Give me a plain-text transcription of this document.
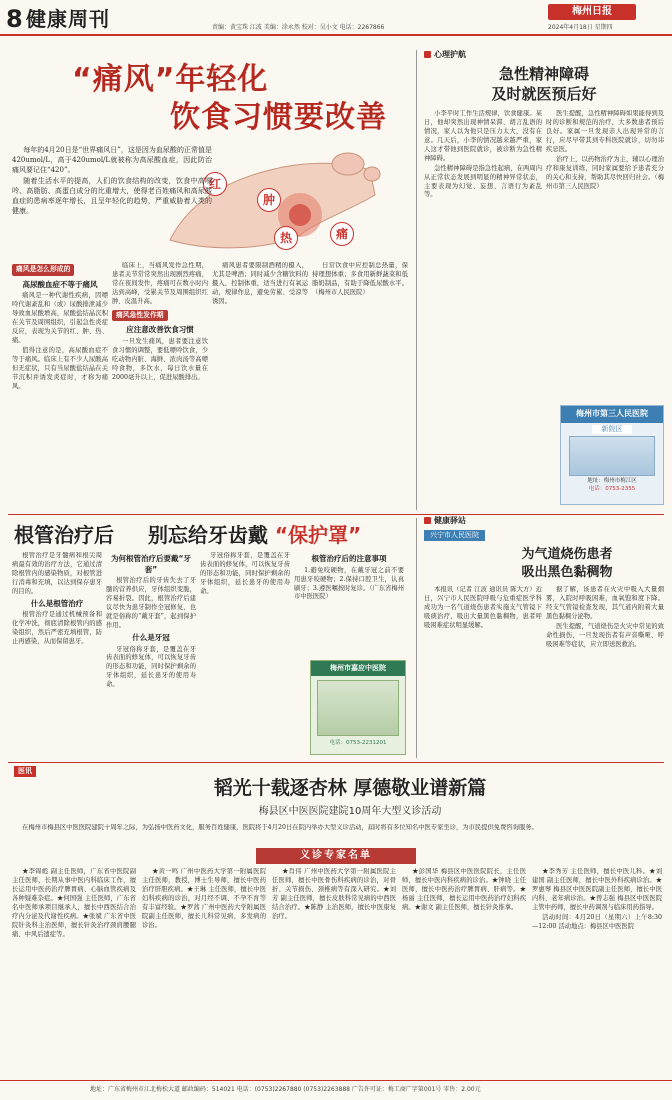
8 健康周刊	责编：黄宝珠 江波 美编：涂永然 校对：吴小文 电话：2267866
梅州日报
2024年4月18日 星期四
“痛风”年轻化
饮食习惯要改善
红
肿
热	痛

每年的4月20日是“世界痛风日”，这是因为血尿酸的正常值是420umol/L，高于420umol/L就被称为高尿酸血症，因此防治痛风要记住“420”。

随着生活水平的提高，人们的饮食结构的改变，饮食中高嘌呤、高脂肪、高蛋白成分的比重增大，使得老百姓痛风和高尿酸血症的患病率逐年增长，且呈年轻化的趋势，严重威胁着人类的健康。

痛风是怎么形成的
高尿酸血症不等于痛风

痛风是一种代谢性疾病，因嘌呤代谢紊乱和（或）尿酸排泄减少导致血尿酸增高，尿酸盐结晶沉积在关节及周围组织，引起急性炎症反应，表现为关节的红、肿、热、痛。

值得注意的是，高尿酸血症不等于痛风。临床上有不少人尿酸高但无症状，只有当尿酸盐结晶在关节沉积并诱发炎症时，才称为痛风。

临床上，当痛风发作急性期，患者关节常常突然出现剧烈疼痛，常在夜间发作，疼痛可在数小时内达到高峰，受累关节及周围组织红肿、皮温升高。

痛风急性发作期
应注意改善饮食习惯

一旦发生痛风，患者要注意饮食习惯的调整，要低嘌呤饮食，少吃动物内脏、海鲜、浓肉汤等高嘌呤食物，多饮水，每日饮水量在2000毫升以上，促进尿酸排出。

痛风患者要限制酒精的摄入，尤其是啤酒；同时减少含糖饮料的摄入，控制体重，适当进行有氧运动，规律作息，避免劳累、受凉等诱因。

日常饮食中应控制总热量，保持理想体重；多食用新鲜蔬菜和低脂奶制品，有助于降低尿酸水平。（梅州市人民医院）

心理护航
急性精神障碍
及时就医预后好

小李平时工作生活规律，饮食健康。某日，他却突然出现神情呆滞、胡言乱语的情况，家人以为他只是压力太大，没有在意。几天后，小李的情况越来越严重，家人这才带他到医院就诊，被诊断为急性精神障碍。

急性精神障碍是指急性起病，在两周内从正常状态发展到明显的精神异常状态，主要表现为幻觉、妄想、言语行为紊乱等。

医生提醒，急性精神障碍如果能得到及时的诊断和规范的治疗，大多数患者预后良好。家属一旦发现亲人出现异常的言行，应尽早带其到专科医院就诊，切勿讳疾忌医。

治疗上，以药物治疗为主，辅以心理治疗和康复训练，同时家属要给予患者充分的关心和支持，帮助其尽快回归社会。（梅州市第三人民医院）

梅州市第三人民医院
新院区
地址：梅州市梅江区
电话：0753-2355
根管治疗后 别忘给牙齿戴 “保护罩”

根管治疗是牙髓病和根尖周病最有效的治疗方法，它通过清除根管内的感染物质，对根管进行消毒和充填，以达到保存患牙的目的。

什么是根管治疗

根管治疗是通过机械预备和化学冲洗，彻底清除根管内的感染组织，然后严密充填根管，防止再感染，从而保留患牙。

为何根管治疗后要戴“牙套”

根管治疗后的牙齿失去了牙髓的营养供应，牙体组织变脆，容易折裂。因此，根管治疗后建议尽快为患牙制作全冠修复，也就是俗称的“戴牙套”，起到保护作用。

什么是牙冠

牙冠俗称牙套，是覆盖在牙齿表面的修复体，可以恢复牙齿的形态和功能，同时保护剩余的牙体组织，延长患牙的使用寿命。

牙冠俗称牙套，是覆盖在牙齿表面的修复体，可以恢复牙齿的形态和功能，同时保护剩余的牙体组织，延长患牙的使用寿命。

根管治疗后的注意事项

1.避免咬硬物，在戴牙冠之前不要用患牙咬硬物；2.保持口腔卫生，认真刷牙；3.遵医嘱按时复诊。（广东省梅州市中医医院）

梅州市嘉应中医院
电话：0753-2231201
健康驿站
兴宁市人民医院
为气道烧伤患者
吸出黑色黏稠物

本报讯（记者 江波 通讯员 陈大方）近日，兴宁市人民医院呼吸与危重症医学科成功为一名气道烧伤患者实施支气管镜下吸痰治疗，吸出大量黑色黏稠物，患者呼吸困难症状明显缓解。

据了解，该患者在火灾中吸入大量烟雾，入院时呼吸困难，血氧饱和度下降。经支气管镜检查发现，其气道内附着大量黑色黏稠分泌物。

医生提醒，气道烧伤是火灾中常见的致命性损伤，一旦发现伤者有声音嘶哑、呼吸困难等症状，应立即送医救治。

医讯
韬光十载逐杏林 厚德敬业谱新篇
梅县区中医医院建院10周年大型义诊活动

在梅州市梅县区中医医院建院十周年之际，为弘扬中医药文化，服务百姓健康，医院将于4月20日在院内举办大型义诊活动，届时将有多位知名中医专家坐诊，为市民提供免费咨询服务。

义诊专家名单

★李锦彪 副主任医师，广东省中医院副主任医师，长期从事中医内科临床工作，擅长运用中医药治疗脾胃病、心脑血管疾病及各种疑难杂症。★何国强 主任医师，广东省名中医师承项目继承人，擅长中西医结合治疗内分泌及代谢性疾病。★张斌 广东省中医院针灸科主治医师，擅长针灸治疗颈肩腰腿痛、中风后遗症等。

★黄一鸣 广州中医药大学第一附属医院主任医师，教授，博士生导师，擅长中医药治疗肝胆疾病。★王琳 主任医师，擅长中医妇科疾病的诊治，对月经不调、不孕不育等有丰富经验。★罗茜 广州中医药大学附属医院副主任医师，擅长儿科常见病、多发病的诊治。

★肖伟 广州中医药大学第一附属医院主任医师，擅长中医骨伤科疾病的诊治，对骨折、关节损伤、颈椎病等有深入研究。★刘芳 副主任医师，擅长皮肤科常见病的中西医结合治疗。★陈静 主治医师，擅长中医康复治疗。

★彭国华 梅县区中医医院院长，主任医师，擅长中医内科疾病的诊治。★钟晓 主任医师，擅长中医药治疗脾胃病、肝病等。★杨丽 主任医师，擅长运用中医药治疗妇科疾病。★谢文 副主任医师，擅长针灸推拿。

★李秀芳 主任医师，擅长中医儿科。★刘建国 副主任医师，擅长中医外科疾病诊治。★罗惠琴 梅县区中医医院副主任医师，擅长中医内科、老年病诊治。★曾志强 梅县区中医医院主管中药师，擅长中药调剂与临床用药指导。

活动时间：4月20日（星期六）上午8:30—12:00 活动地点：梅县区中医医院

地址：广东省梅州市江北梅松大道 邮政编码：514021 电话：(0753)2267880 (0753)2263888 广告许可证：梅工商广字第001号 零售：2.00元
